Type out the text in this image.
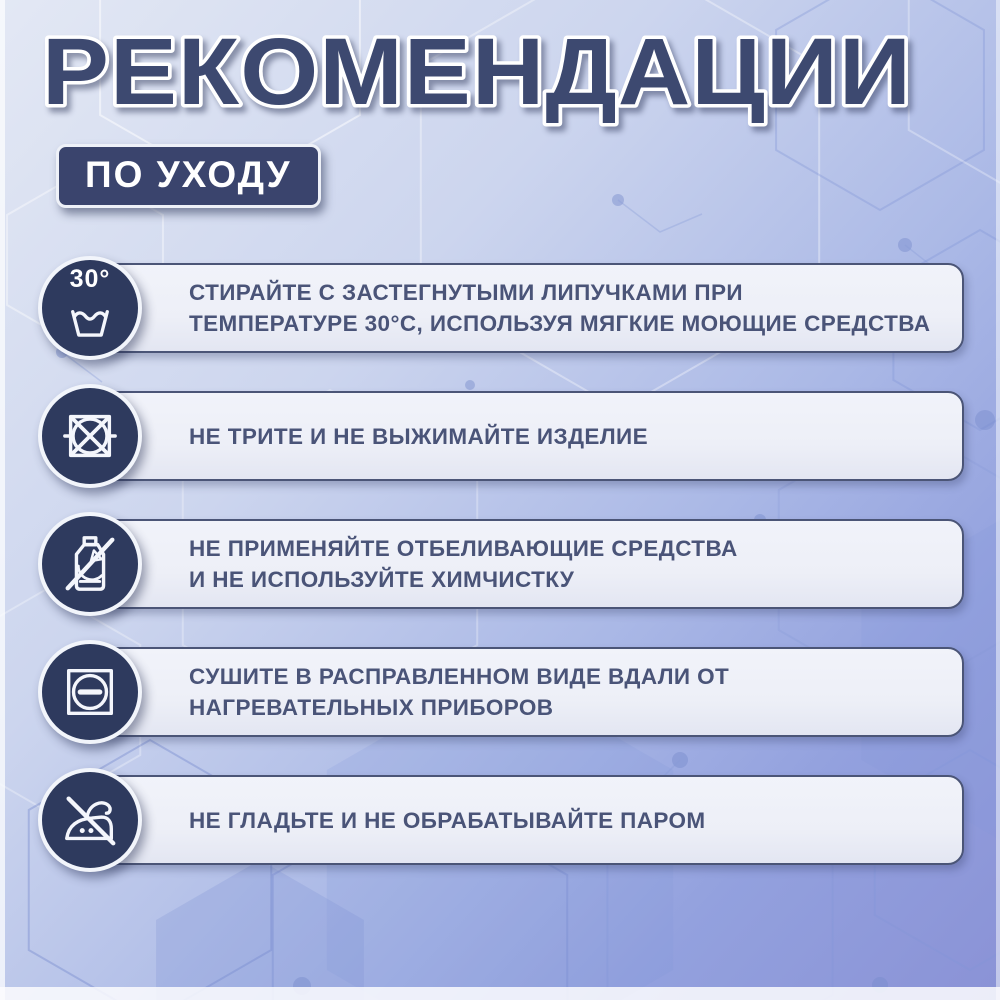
РЕКОМЕНДАЦИИ
ПО УХОДУ
30°	СТИРАЙТЕ С ЗАСТЕГНУТЫМИ ЛИПУЧКАМИ ПРИ
ТЕМПЕРАТУРЕ 30°C, ИСПОЛЬЗУЯ МЯГКИЕ МОЮЩИЕ СРЕДСТВА
НЕ ТРИТЕ И НЕ ВЫЖИМАЙТЕ ИЗДЕЛИЕ
НЕ ПРИМЕНЯЙТЕ ОТБЕЛИВАЮЩИЕ СРЕДСТВА
И НЕ ИСПОЛЬЗУЙТЕ ХИМЧИСТКУ
СУШИТЕ В РАСПРАВЛЕННОМ ВИДЕ ВДАЛИ ОТ
НАГРЕВАТЕЛЬНЫХ ПРИБОРОВ
НЕ ГЛАДЬТЕ И НЕ ОБРАБАТЫВАЙТЕ ПАРОМ
